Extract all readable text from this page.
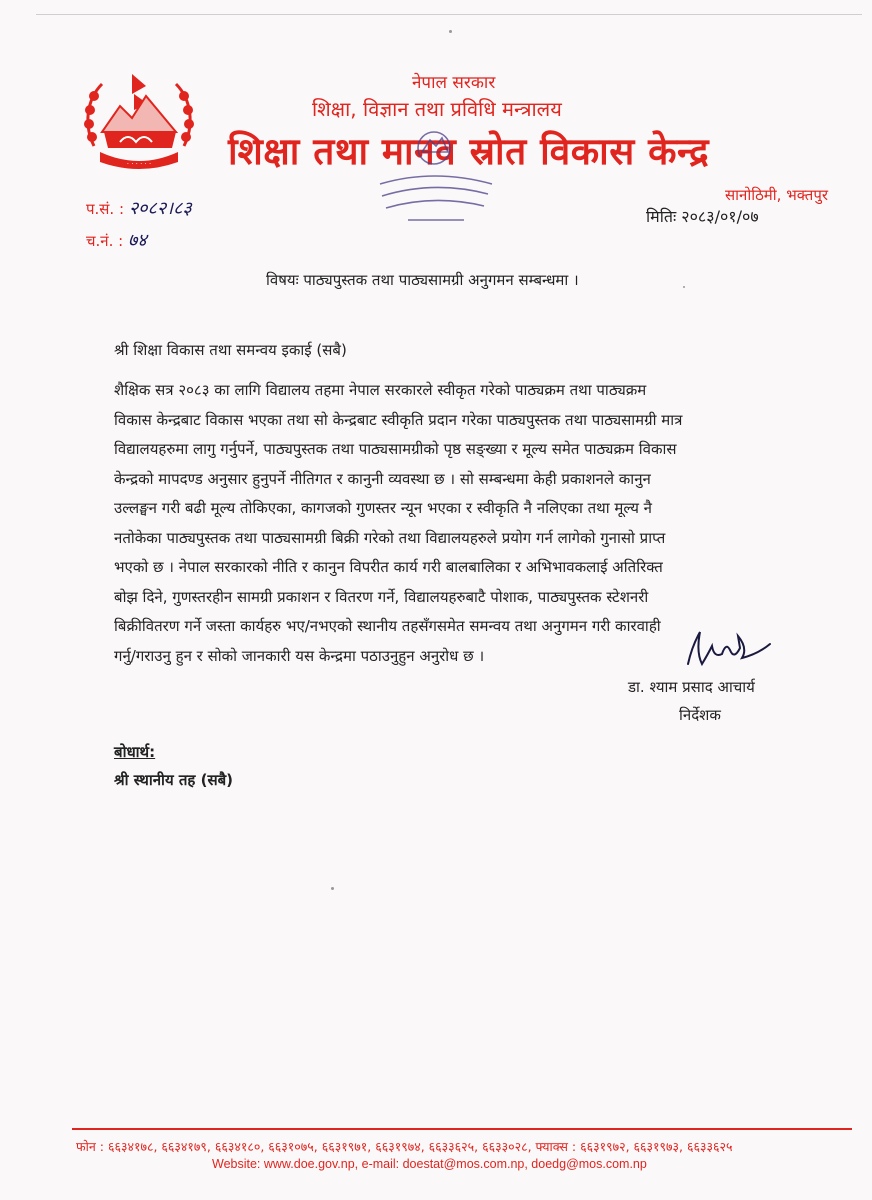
· · · · · ·
नेपाल सरकार
शिक्षा, विज्ञान तथा प्रविधि मन्त्रालय
शिक्षा तथा मानव स्रोत विकास केन्द्र
सानोठिमी, भक्तपुर
प.सं. : २०८२।८३
च.नं. : ७४
मितिः २०८३/०१/०७
विषयः पाठ्यपुस्तक तथा पाठ्यसामग्री अनुगमन सम्बन्धमा ।
श्री शिक्षा विकास तथा समन्वय इकाई (सबै)
शैक्षिक सत्र २०८३ का लागि विद्यालय तहमा नेपाल सरकारले स्वीकृत गरेको पाठ्यक्रम तथा पाठ्यक्रम
विकास केन्द्रबाट विकास भएका तथा सो केन्द्रबाट स्वीकृति प्रदान गरेका पाठ्यपुस्तक तथा पाठ्यसामग्री मात्र
विद्यालयहरुमा लागु गर्नुपर्ने, पाठ्यपुस्तक तथा पाठ्यसामग्रीको पृष्ठ सङ्ख्या र मूल्य समेत पाठ्यक्रम विकास
केन्द्रको मापदण्ड अनुसार हुनुपर्ने नीतिगत र कानुनी व्यवस्था छ । सो सम्बन्धमा केही प्रकाशनले कानुन
उल्लङ्घन गरी बढी मूल्य तोकिएका, कागजको गुणस्तर न्यून भएका र स्वीकृति नै नलिएका तथा मूल्य नै
नतोकेका पाठ्यपुस्तक तथा पाठ्यसामग्री बिक्री गरेको तथा विद्यालयहरुले प्रयोग गर्न लागेको गुनासो प्राप्त
भएको छ । नेपाल सरकारको नीति र कानुन विपरीत कार्य गरी बालबालिका र अभिभावकलाई अतिरिक्त
बोझ दिने, गुणस्तरहीन सामग्री प्रकाशन र वितरण गर्ने, विद्यालयहरुबाटै पोशाक, पाठ्यपुस्तक स्टेशनरी
बिक्रीवितरण गर्ने जस्ता कार्यहरु भए/नभएको स्थानीय तहसँगसमेत समन्वय तथा अनुगमन गरी कारवाही
गर्नु/गराउनु हुन र सोको जानकारी यस केन्द्रमा पठाउनुहुन अनुरोध छ ।
डा. श्याम प्रसाद आचार्य
निर्देशक
बोधार्थ:
श्री स्थानीय तह (सबै)
फोन : ६६३४१७८, ६६३४१७९, ६६३४१८०, ६६३१०७५, ६६३१९७१, ६६३१९७४, ६६३३६२५, ६६३३०२८, फ्याक्स : ६६३१९७२, ६६३१९७३, ६६३३६२५
Website: www.doe.gov.np, e-mail: doestat@mos.com.np, doedg@mos.com.np
